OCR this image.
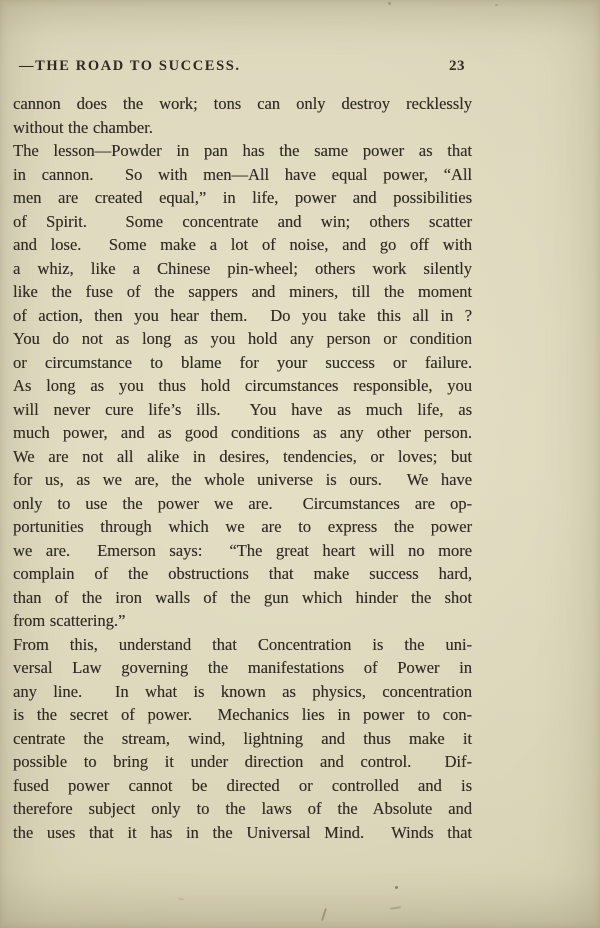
—THE ROAD TO SUCCESS.	23
cannon does the work; tons can only destroy recklessly
without the chamber.
The lesson—Powder in pan has the same power as that
in cannon.  So with men—All have equal power, “All
men are created equal,” in life, power and possibilities
of Spirit.  Some concentrate and win; others scatter
and lose.  Some make a lot of noise, and go off with
a whiz, like a Chinese pin-wheel; others work silently
like the fuse of the sappers and miners, till the moment
of action, then you hear them.  Do you take this all in ?
You do not as long as you hold any person or condition
or circumstance to blame for your success or failure.
As long as you thus hold circumstances responsible, you
will never cure life’s ills.  You have as much life, as
much power, and as good conditions as any other person.
We are not all alike in desires, tendencies, or loves; but
for us, as we are, the whole universe is ours.  We have
only to use the power we are.  Circumstances are op-
portunities through which we are to express the power
we are.  Emerson says:  “The great heart will no more
complain of the obstructions that make success hard,
than of the iron walls of the gun which hinder the shot
from scattering.”
From this, understand that Concentration is the uni-
versal Law governing the manifestations of Power in
any line.  In what is known as physics, concentration
is the secret of power.  Mechanics lies in power to con-
centrate the stream, wind, lightning and thus make it
possible to bring it under direction and control.  Dif-
fused power cannot be directed or controlled and is
therefore subject only to the laws of the Absolute and
the uses that it has in the Universal Mind.  Winds that
